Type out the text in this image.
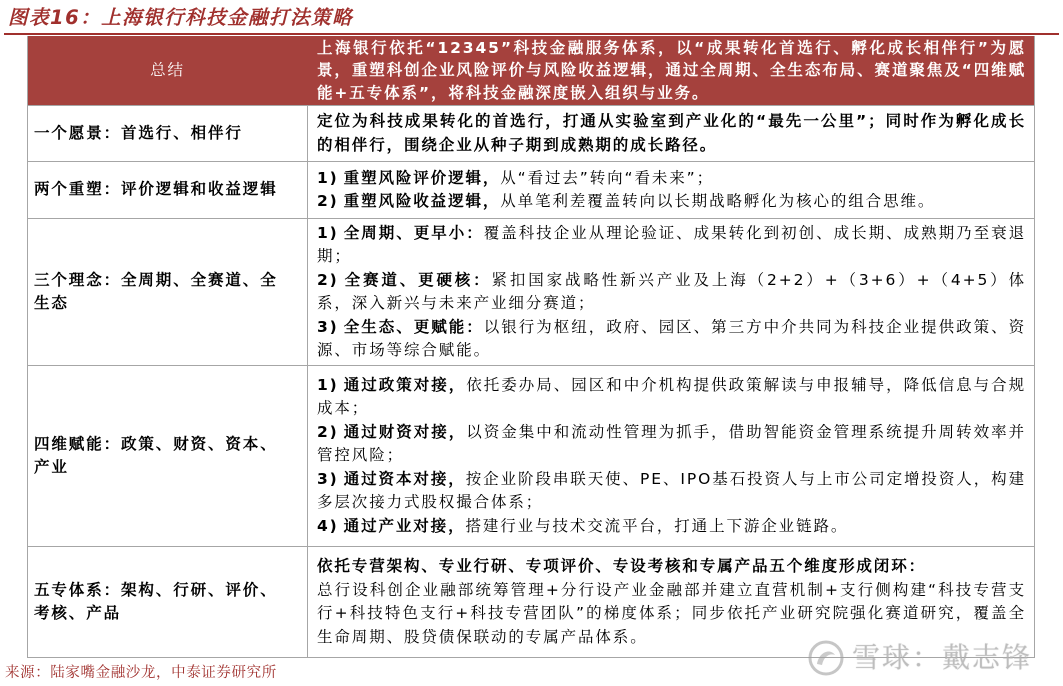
图表16：上海银行科技金融打法策略
总结
上海银行依托“12345”科技金融服务体系，以“成果转化首选行、孵化成长相伴行”为愿景，重塑科创企业风险评价与风险收益逻辑，通过全周期、全生态布局、赛道聚焦及“四维赋能+五专体系”，将科技金融深度嵌入组织与业务。
一个愿景：首选行、相伴行
定位为科技成果转化的首选行，打通从实验室到产业化的“最先一公里”；同时作为孵化成长的相伴行，围绕企业从种子期到成熟期的成长路径。
两个重塑：评价逻辑和收益逻辑
1) 重塑风险评价逻辑，从“看过去”转向“看未来”；
2) 重塑风险收益逻辑，从单笔利差覆盖转向以长期战略孵化为核心的组合思维。
三个理念：全周期、全赛道、全生态
1) 全周期、更早小：覆盖科技企业从理论验证、成果转化到初创、成长期、成熟期乃至衰退期；
2) 全赛道、更硬核：紧扣国家战略性新兴产业及上海（2+2）+（3+6）+（4+5）体系，深入新兴与未来产业细分赛道；
3) 全生态、更赋能：以银行为枢纽，政府、园区、第三方中介共同为科技企业提供政策、资源、市场等综合赋能。
四维赋能：政策、财资、资本、产业
1) 通过政策对接，依托委办局、园区和中介机构提供政策解读与申报辅导，降低信息与合规成本；
2) 通过财资对接，以资金集中和流动性管理为抓手，借助智能资金管理系统提升周转效率并管控风险；
3) 通过资本对接，按企业阶段串联天使、PE、IPO基石投资人与上市公司定增投资人，构建多层次接力式股权撮合体系；
4) 通过产业对接，搭建行业与技术交流平台，打通上下游企业链路。
五专体系：架构、行研、评价、考核、产品
依托专营架构、专业行研、专项评价、专设考核和专属产品五个维度形成闭环：
总行设科创企业融部统筹管理+分行设产业金融部并建立直营机制+支行侧构建“科技专营支行+科技特色支行+科技专营团队”的梯度体系；同步依托产业研究院强化赛道研究，覆盖全生命周期、股贷债保联动的专属产品体系。
来源：陆家嘴金融沙龙，中泰证券研究所	雪球：戴志锋
